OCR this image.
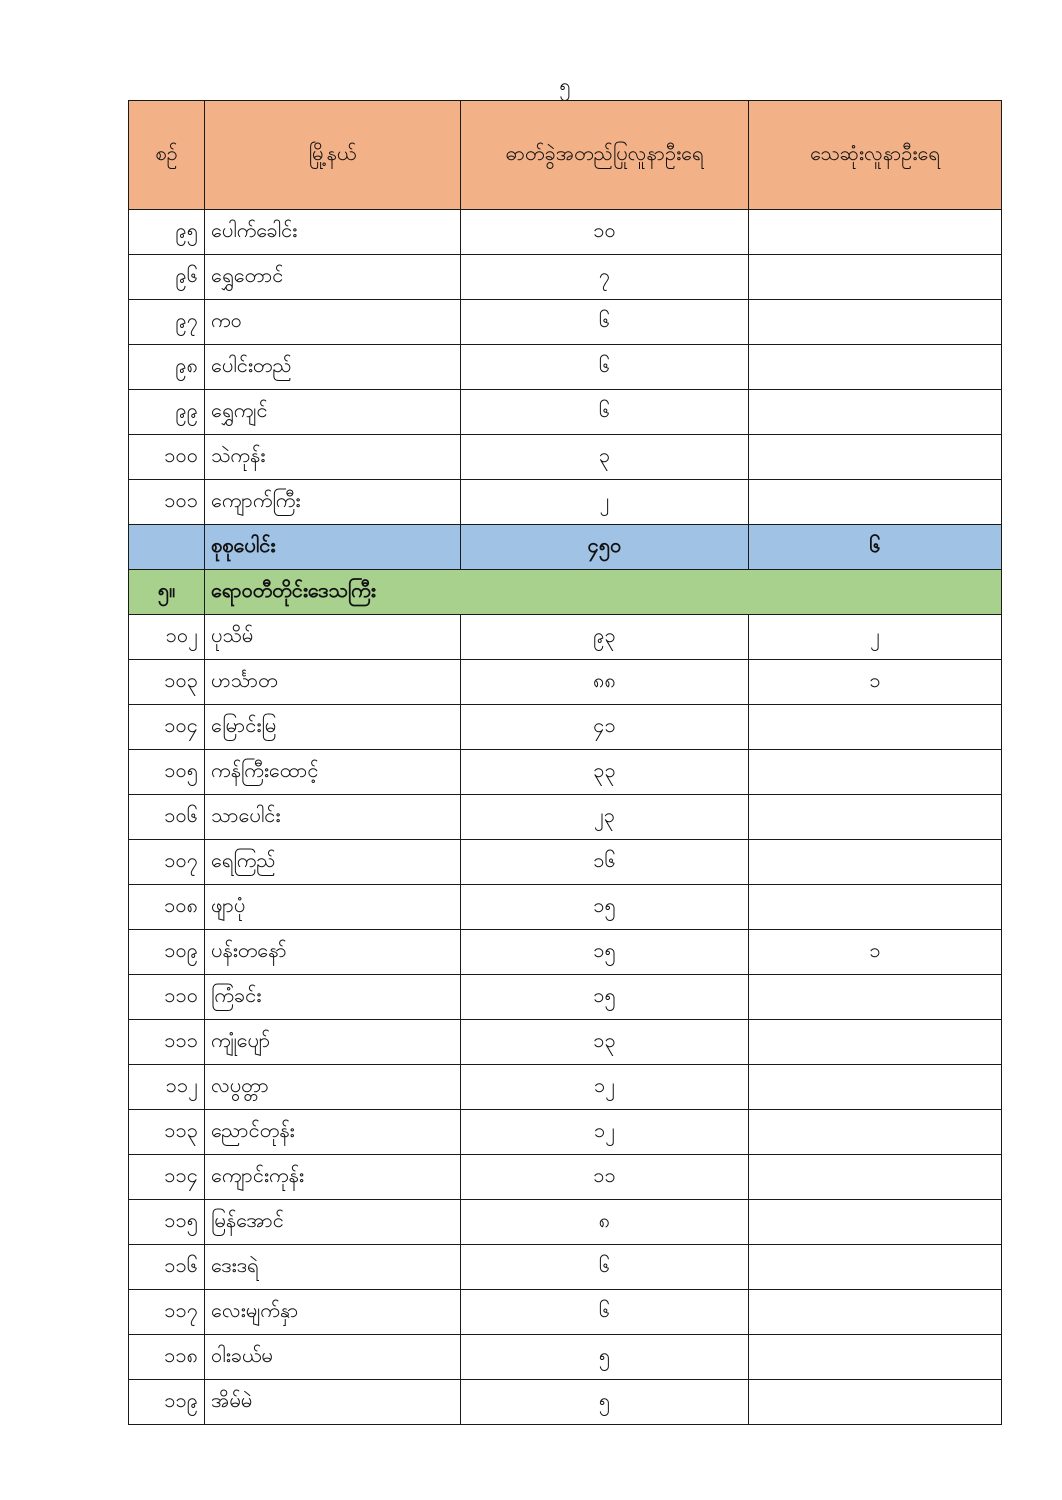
၅
စဉ်	မြို့နယ်	ဓာတ်ခွဲအတည်ပြုလူနာဦးရေ	သေဆုံးလူနာဦးရေ
၉၅	ပေါက်ခေါင်း	၁၀	
၉၆	ရွှေတောင်	၇	
၉၇	ကဝ	၆	
၉၈	ပေါင်းတည်	၆	
၉၉	ရွှေကျင်	၆	
၁၀၀	သဲကုန်း	၃	
၁၀၁	ကျောက်ကြီး	၂	
	စုစုပေါင်း	၄၅၀	၆
၅။	ရောဝတီတိုင်းဒေသကြီး		
၁၀၂	ပုသိမ်	၉၃	၂
၁၀၃	ဟင်္သာတ	၈၈	၁
၁၀၄	မြောင်းမြ	၄၁	
၁၀၅	ကန်ကြီးထောင့်	၃၃	
၁၀၆	သာပေါင်း	၂၃	
၁၀၇	ရေကြည်	၁၆	
၁၀၈	ဖျာပုံ	၁၅	
၁၀၉	ပန်းတနော်	၁၅	၁
၁၁၀	ကြံခင်း	၁၅	
၁၁၁	ကျုံပျော်	၁၃	
၁၁၂	လပွတ္တာ	၁၂	
၁၁၃	ညောင်တုန်း	၁၂	
၁၁၄	ကျောင်းကုန်း	၁၁	
၁၁၅	မြန်အောင်	၈	
၁၁၆	ဒေးဒရဲ	၆	
၁၁၇	လေးမျက်နှာ	၆	
၁၁၈	ဝါးခယ်မ	၅	
၁၁၉	အိမ်မဲ	၅	
